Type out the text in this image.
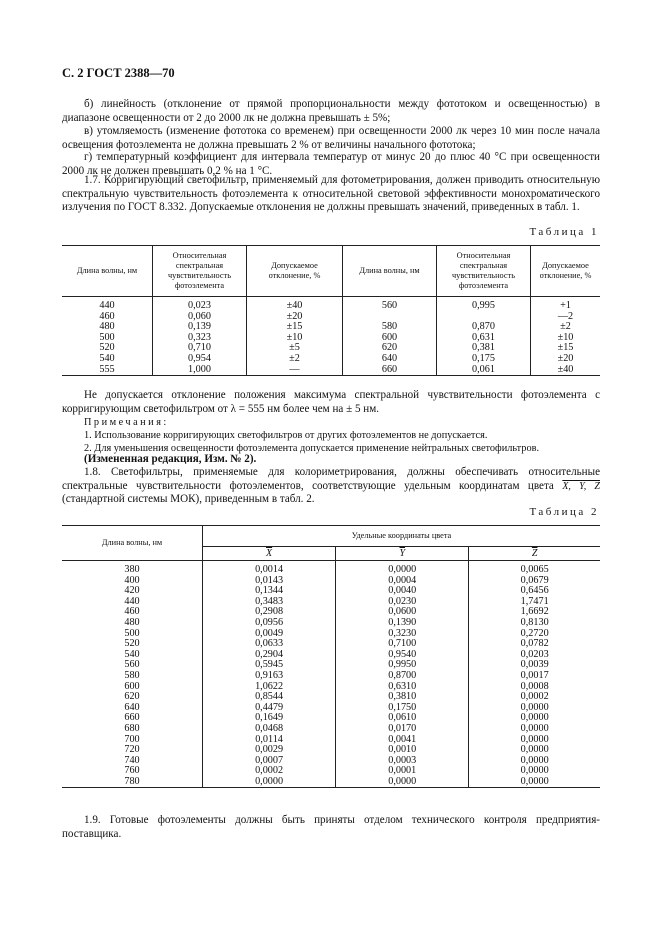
С. 2 ГОСТ 2388—70
б) линейность (отклонение от прямой пропорциональности между фототоком и освещенностью) в диапазоне освещенности от 2 до 2000 лк не должна превышать ± 5%;
в) утомляемость (изменение фототока со временем) при освещенности 2000 лк через 10 мин после начала освещения фотоэлемента не должна превышать 2 % от величины начального фототока;
г) температурный коэффициент для интервала температур от минус 20 до плюс 40 °С при освещенности 2000 лк не должен превышать 0,2 % на 1 °С.
1.7. Корригирующий светофильтр, применяемый для фотометрирования, должен приводить относительную спектральную чувствительность фотоэлемента к относительной световой эффективности монохроматического излучения по ГОСТ 8.332. Допускаемые отклонения не должны превышать значений, приведенных в табл. 1.
Таблица 1
Длина волны, нм	Относительная спектральная чувствительность фотоэлемента	Допускаемое отклонение, %	Длина волны, нм	Относительная спектральная чувствительность фотоэлемента	Допускаемое отклонение, %
440	0,023	±40	560	0,995	+1
460	0,060	±20			—2
480	0,139	±15	580	0,870	±2
500	0,323	±10	600	0,631	±10
520	0,710	±5	620	0,381	±15
540	0,954	±2	640	0,175	±20
555	1,000	—	660	0,061	±40
Не допускается отклонение положения максимума спектральной чувствительности фотоэлемента с корригирующим светофильтром от λ = 555 нм более чем на ± 5 нм.
Примечания:
1. Использование корригирующих светофильтров от других фотоэлементов не допускается.
2. Для уменьшения освещенности фотоэлемента допускается применение нейтральных светофильтров.
(Измененная редакция, Изм. № 2).
1.8. Светофильтры, применяемые для колориметрирования, должны обеспечивать относительные спектральные чувствительности фотоэлементов, соответствующие удельным координатам цвета X, Y, Z (стандартной системы МОК), приведенным в табл. 2.
Таблица 2
Длина волны, нм	Удельные координаты цвета		
	$\overline{X}$	$\overline{Y}$	$\overline{Z}$
380	0,0014	0,0000	0,0065
400	0,0143	0,0004	0,0679
420	0,1344	0,0040	0,6456
440	0,3483	0,0230	1,7471
460	0,2908	0,0600	1,6692
480	0,0956	0,1390	0,8130
500	0,0049	0,3230	0,2720
520	0,0633	0,7100	0,0782
540	0,2904	0,9540	0,0203
560	0,5945	0,9950	0,0039
580	0,9163	0,8700	0,0017
600	1,0622	0,6310	0,0008
620	0,8544	0,3810	0,0002
640	0,4479	0,1750	0,0000
660	0,1649	0,0610	0,0000
680	0,0468	0,0170	0,0000
700	0,0114	0,0041	0,0000
720	0,0029	0,0010	0,0000
740	0,0007	0,0003	0,0000
760	0,0002	0,0001	0,0000
780	0,0000	0,0000	0,0000
1.9. Готовые фотоэлементы должны быть приняты отделом технического контроля предприятия-поставщика.
